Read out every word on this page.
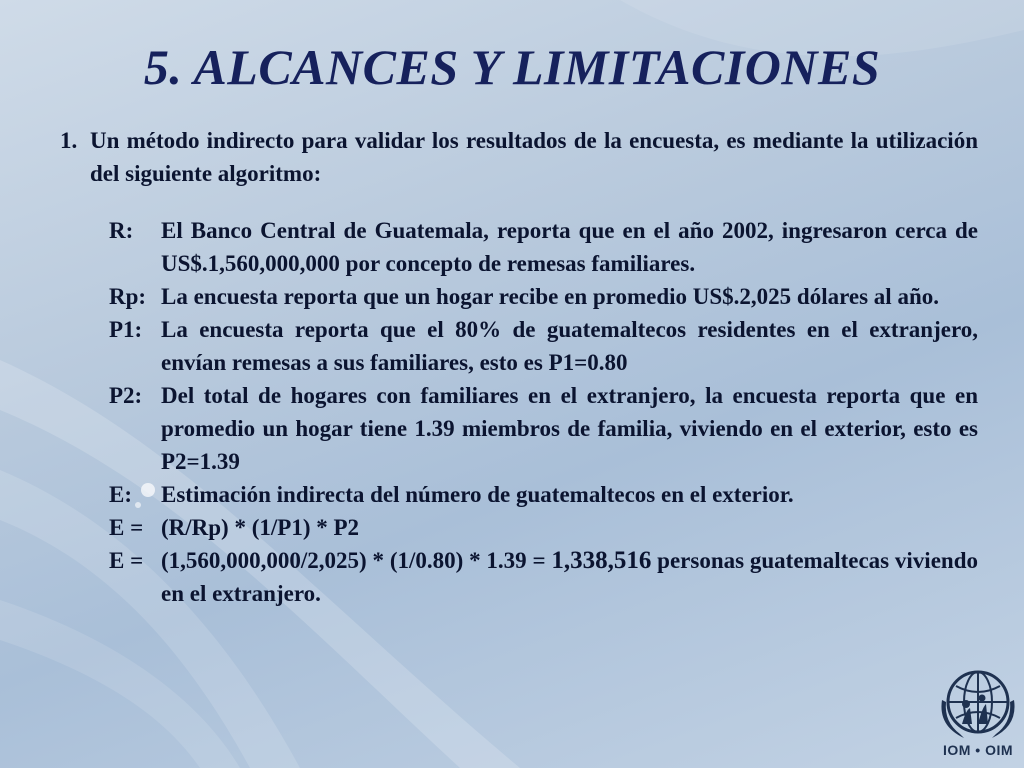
5. ALCANCES Y LIMITACIONES
1. Un método indirecto para validar los resultados de la encuesta, es mediante la utilización del siguiente algoritmo:
R:	El Banco Central de Guatemala, reporta que en el año 2002, ingresaron cerca de US$.1,560,000,000 por concepto de remesas familiares.
Rp: La encuesta reporta que un hogar recibe en promedio US$.2,025 dólares al año.
P1: La encuesta reporta que el 80% de guatemaltecos residentes en el extranjero, envían remesas a sus familiares, esto es P1=0.80
P2: Del total de hogares con familiares en el extranjero, la encuesta reporta que en promedio un hogar tiene 1.39 miembros de familia, viviendo en el exterior, esto es P2=1.39
E:	Estimación indirecta del número de guatemaltecos en el exterior.
E = (R/Rp) * (1/P1) * P2
E = (1,560,000,000/2,025) * (1/0.80) * 1.39 = 1,338,516 personas guatemaltecas viviendo en el extranjero.
IOM • OIM
